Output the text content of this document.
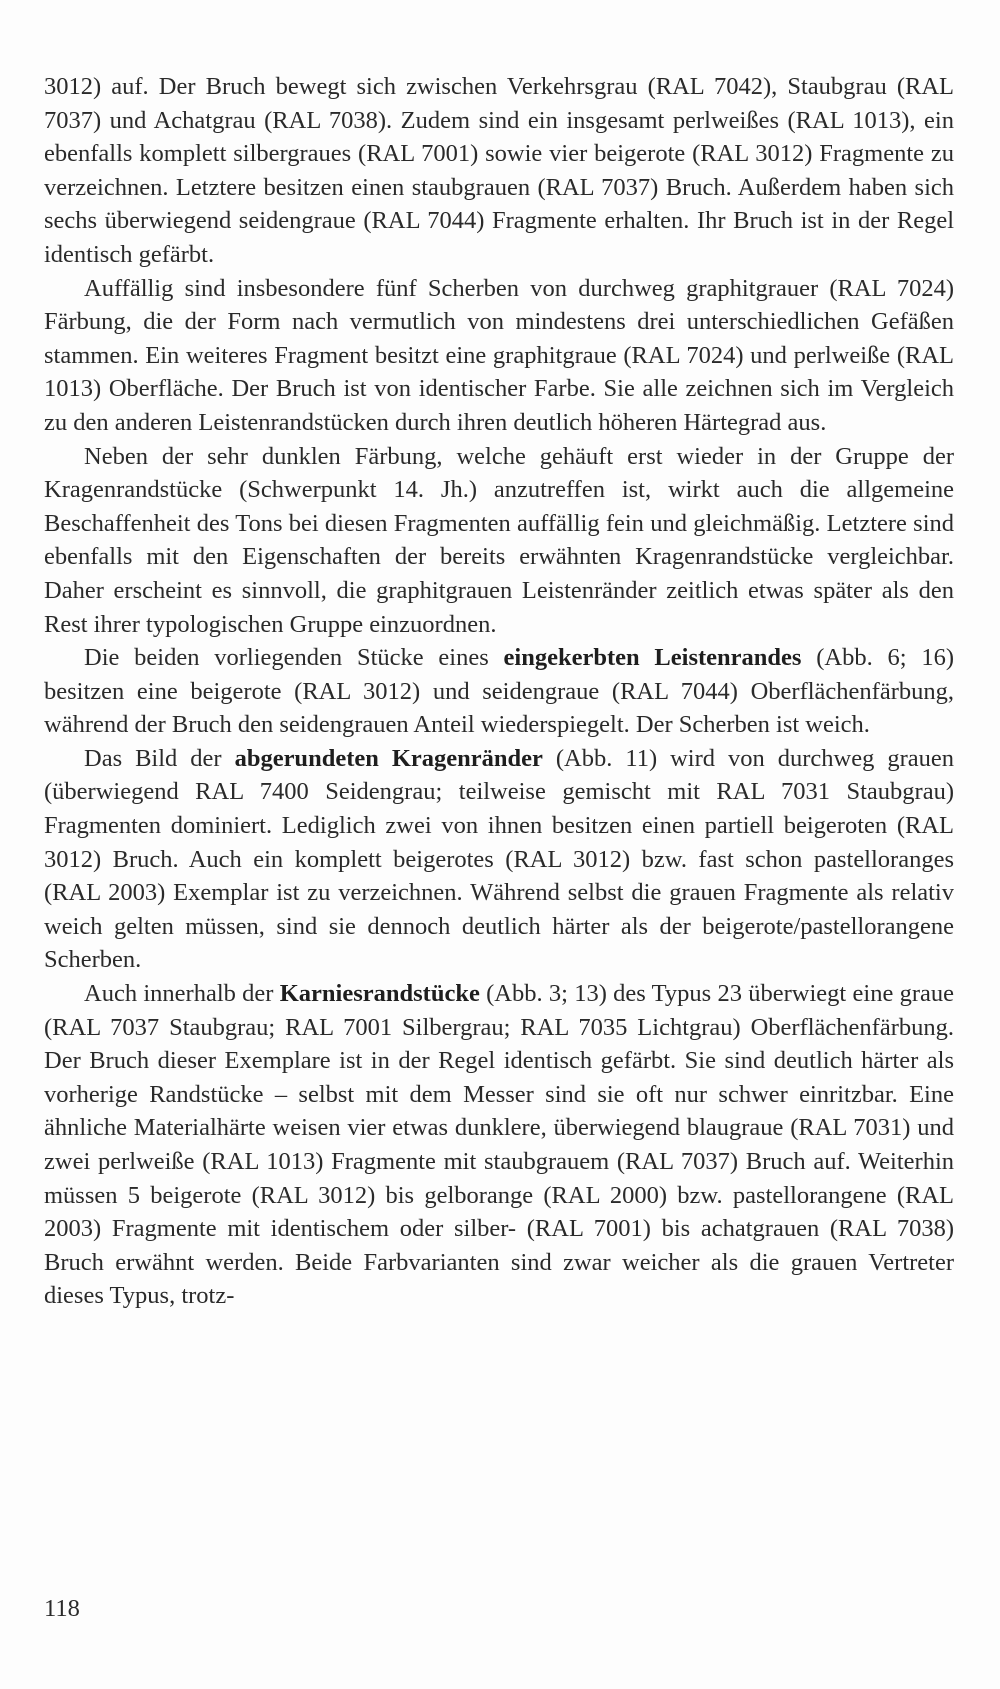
3012) auf. Der Bruch bewegt sich zwischen Verkehrsgrau (RAL 7042), Staubgrau (RAL 7037) und Achatgrau (RAL 7038). Zudem sind ein insgesamt perlweißes (RAL 1013), ein ebenfalls komplett silbergraues (RAL 7001) sowie vier beigerote (RAL 3012) Fragmente zu verzeichnen. Letztere besitzen einen staubgrauen (RAL 7037) Bruch. Außerdem haben sich sechs überwiegend seidengraue (RAL 7044) Fragmente erhalten. Ihr Bruch ist in der Regel identisch gefärbt.

Auffällig sind insbesondere fünf Scherben von durchweg graphitgrauer (RAL 7024) Färbung, die der Form nach vermutlich von mindestens drei unterschiedlichen Gefäßen stammen. Ein weiteres Fragment besitzt eine graphitgraue (RAL 7024) und perlweiße (RAL 1013) Oberfläche. Der Bruch ist von identischer Farbe. Sie alle zeichnen sich im Vergleich zu den anderen Leistenrandstücken durch ihren deutlich höheren Härtegrad aus.

Neben der sehr dunklen Färbung, welche gehäuft erst wieder in der Gruppe der Kragenrandstücke (Schwerpunkt 14. Jh.) anzutreffen ist, wirkt auch die allgemeine Beschaffenheit des Tons bei diesen Fragmenten auffällig fein und gleichmäßig. Letztere sind ebenfalls mit den Eigenschaften der bereits erwähnten Kragenrandstücke vergleichbar. Daher erscheint es sinnvoll, die graphitgrauen Leistenränder zeitlich etwas später als den Rest ihrer typologischen Gruppe einzuordnen.

Die beiden vorliegenden Stücke eines eingekerbten Leistenrandes (Abb. 6; 16) besitzen eine beigerote (RAL 3012) und seidengraue (RAL 7044) Oberflächenfärbung, während der Bruch den seidengrauen Anteil wiederspiegelt. Der Scherben ist weich.

Das Bild der abgerundeten Kragenränder (Abb. 11) wird von durchweg grauen (überwiegend RAL 7400 Seidengrau; teilweise gemischt mit RAL 7031 Staubgrau) Fragmenten dominiert. Lediglich zwei von ihnen besitzen einen partiell beigeroten (RAL 3012) Bruch. Auch ein komplett beigerotes (RAL 3012) bzw. fast schon pastelloranges (RAL 2003) Exemplar ist zu verzeichnen. Während selbst die grauen Fragmente als relativ weich gelten müssen, sind sie dennoch deutlich härter als der beigerote/pastellorangene Scherben.

Auch innerhalb der Karniesrandstücke (Abb. 3; 13) des Typus 23 überwiegt eine graue (RAL 7037 Staubgrau; RAL 7001 Silbergrau; RAL 7035 Lichtgrau) Oberflächenfärbung. Der Bruch dieser Exemplare ist in der Regel identisch gefärbt. Sie sind deutlich härter als vorherige Randstücke – selbst mit dem Messer sind sie oft nur schwer einritzbar. Eine ähnliche Materialhärte weisen vier etwas dunklere, überwiegend blaugraue (RAL 7031) und zwei perlweiße (RAL 1013) Fragmente mit staubgrauem (RAL 7037) Bruch auf. Weiterhin müssen 5 beigerote (RAL 3012) bis gelborange (RAL 2000) bzw. pastellorangene (RAL 2003) Fragmente mit identischem oder silber- (RAL 7001) bis achatgrauen (RAL 7038) Bruch erwähnt werden. Beide Farbvarianten sind zwar weicher als die grauen Vertreter dieses Typus, trotz-

118
